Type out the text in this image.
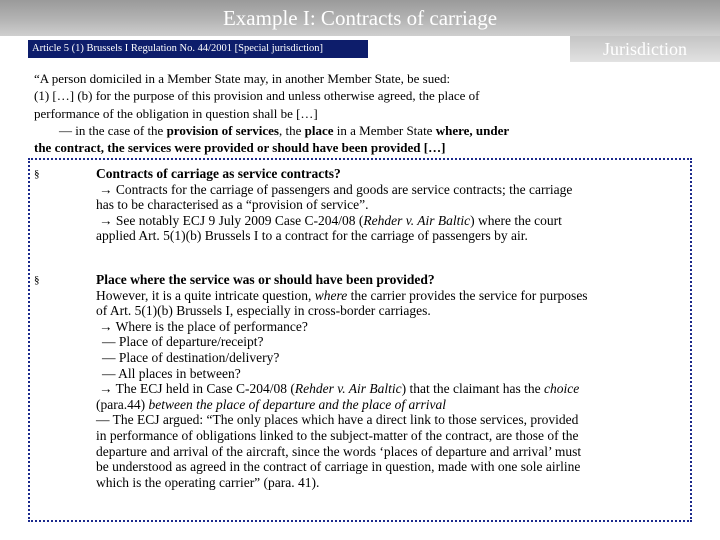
Example I: Contracts of carriage
Jurisdiction
Article 5 (1) Brussels I Regulation No. 44/2001 [Special jurisdiction]

“A person domiciled in a Member State may, in another Member State, be sued:

(1) […] (b) for the purpose of this provision and unless otherwise agreed, the place of

performance of the obligation in question shall be […]

— in the case of the provision of services, the place in a Member State where, under

the contract, the services were provided or should have been provided […]

§	Contracts of carriage as service contracts?

→ Contracts for the carriage of passengers and goods are service contracts; the carriage

has to be characterised as a “provision of service”.

→ See notably ECJ 9 July 2009 Case C-204/08 (Rehder v. Air Baltic) where the court

applied Art. 5(1)(b) Brussels I to a contract for the carriage of passengers by air.

§	Place where the service was or should have been provided?

However, it is a quite intricate question, where the carrier provides the service for purposes

of Art. 5(1)(b) Brussels I, especially in cross-border carriages.

→ Where is the place of performance?

— Place of departure/receipt?

— Place of destination/delivery?

— All places in between?

→ The ECJ held in Case C-204/08 (Rehder v. Air Baltic) that the claimant has the choice

(para.44) between the place of departure and the place of arrival

— The ECJ argued: “The only places which have a direct link to those services, provided

in performance of obligations linked to the subject-matter of the contract, are those of the

departure and arrival of the aircraft, since the words ‘places of departure and arrival’ must

be understood as agreed in the contract of carriage in question, made with one sole airline

which is the operating carrier” (para. 41).
